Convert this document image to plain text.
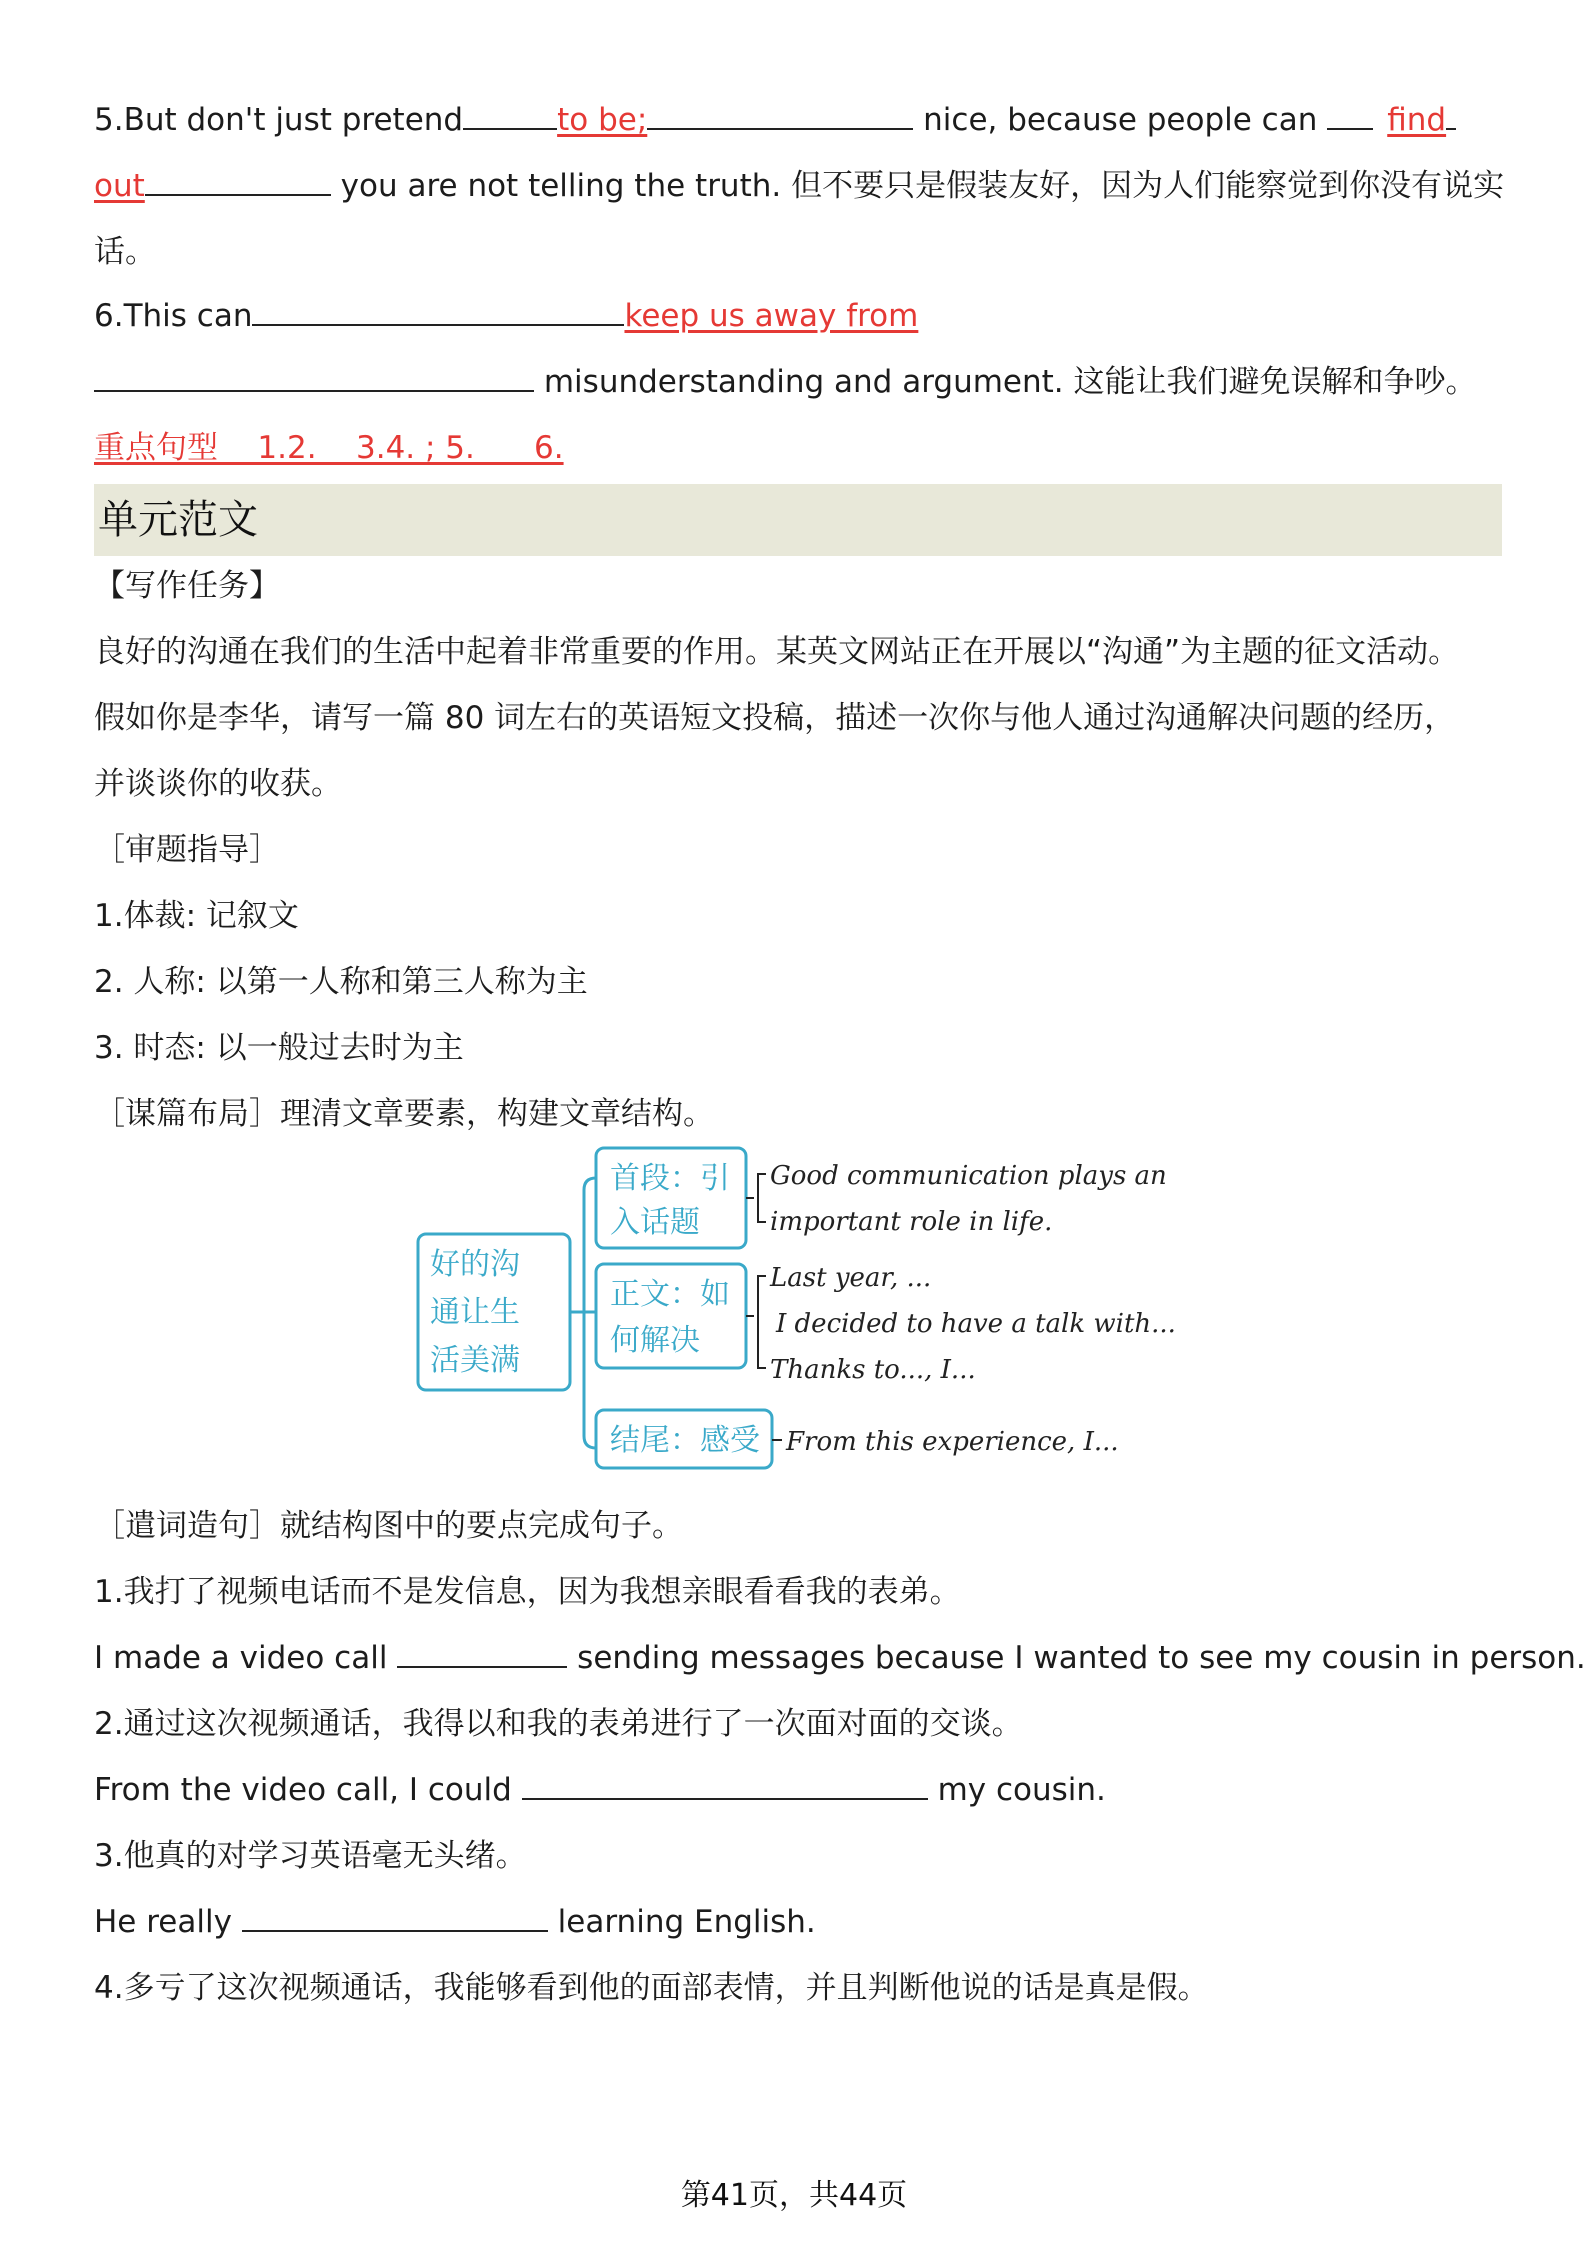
5.But don't just pretend	to be;	nice, because people can find
out	you are not telling the truth. 但不要只是假装友好，因为人们能察觉到你没有说实
话。
6.This can	keep us away from
misunderstanding and argument. 这能让我们避免误解和争吵。
重点句型    1.2.    3.4. ; 5.      6.
单元范文
【写作任务】
良好的沟通在我们的生活中起着非常重要的作用。某英文网站正在开展以“沟通”为主题的征文活动。
假如你是李华，请写一篇 80 词左右的英语短文投稿，描述一次你与他人通过沟通解决问题的经历，
并谈谈你的收获。
［审题指导］
1.体裁: 记叙文
2. 人称: 以第一人称和第三人称为主
3. 时态: 以一般过去时为主
［谋篇布局］理清文章要素，构建文章结构。
好的沟
通让生
活美满
首段：引
入话题
正文：如
何解决
结尾：感受
Good communication plays an
important role in life.
Last year, ...
I decided to have a talk with...
Thanks to..., I...
From this experience, I...
［遣词造句］就结构图中的要点完成句子。
1.我打了视频电话而不是发信息，因为我想亲眼看看我的表弟。
I made a video call	sending messages because I wanted to see my cousin in person.
2.通过这次视频通话，我得以和我的表弟进行了一次面对面的交谈。
From the video call, I could	my cousin.
3.他真的对学习英语毫无头绪。
He really	learning English.
4.多亏了这次视频通话，我能够看到他的面部表情，并且判断他说的话是真是假。
第41页，共44页
